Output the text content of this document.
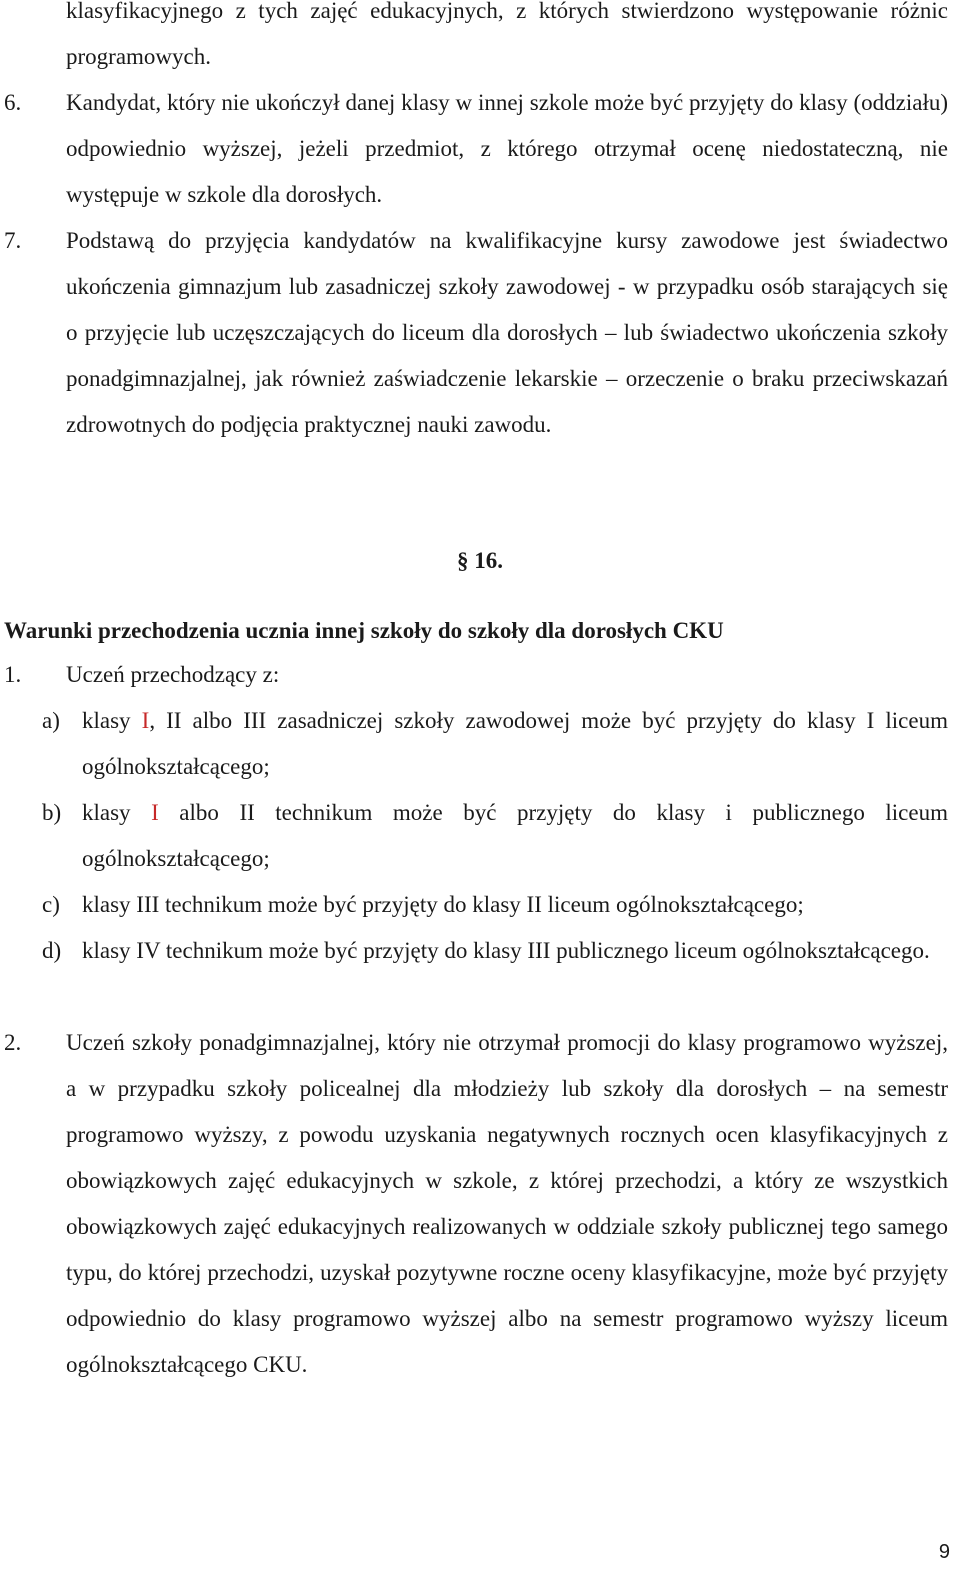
klasyfikacyjnego z tych zajęć edukacyjnych, z których stwierdzono występowanie różnic programowych.

6. Kandydat, który nie ukończył danej klasy w innej szkole może być przyjęty do klasy (oddziału) odpowiednio wyższej, jeżeli przedmiot, z którego otrzymał ocenę niedostateczną, nie występuje w szkole dla dorosłych.

7. Podstawą do przyjęcia kandydatów na kwalifikacyjne kursy zawodowe jest świadectwo ukończenia gimnazjum lub zasadniczej szkoły zawodowej - w przypadku osób starających się o przyjęcie lub uczęszczających do liceum dla dorosłych – lub świadectwo ukończenia szkoły ponadgimnazjalnej, jak również zaświadczenie lekarskie – orzeczenie o braku przeciwskazań zdrowotnych do podjęcia praktycznej nauki zawodu.

§ 16.
Warunki przechodzenia ucznia innej szkoły do szkoły dla dorosłych CKU
1. Uczeń przechodzący z:

a) klasy I, II albo III zasadniczej szkoły zawodowej może być przyjęty do klasy I liceum ogólnokształcącego;

b) klasy I albo II technikum może być przyjęty do klasy i publicznego liceum ogólnokształcącego;

c) klasy III technikum może być przyjęty do klasy II liceum ogólnokształcącego;

d) klasy IV technikum może być przyjęty do klasy III publicznego liceum ogólnokształcącego.

2. Uczeń szkoły ponadgimnazjalnej, który nie otrzymał promocji do klasy programowo wyższej, a w przypadku szkoły policealnej dla młodzieży lub szkoły dla dorosłych – na semestr programowo wyższy, z powodu uzyskania negatywnych rocznych ocen klasyfikacyjnych z obowiązkowych zajęć edukacyjnych w szkole, z której przechodzi, a który ze wszystkich obowiązkowych zajęć edukacyjnych realizowanych w oddziale szkoły publicznej tego samego typu, do której przechodzi, uzyskał pozytywne roczne oceny klasyfikacyjne, może być przyjęty odpowiednio do klasy programowo wyższej albo na semestr programowo wyższy liceum ogólnokształcącego CKU.

9
